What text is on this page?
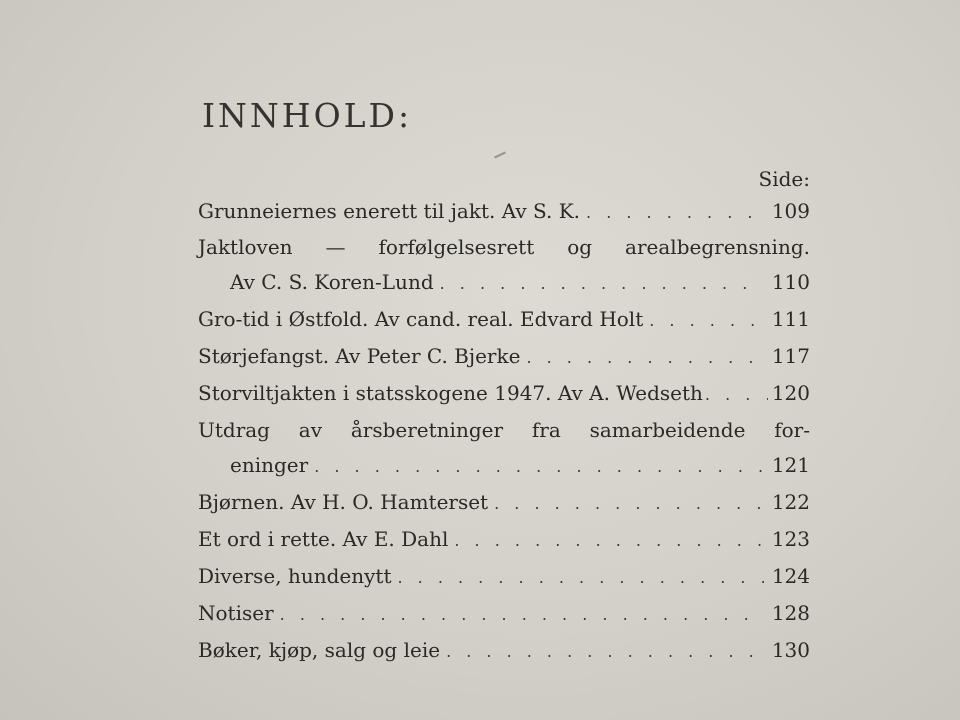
INNHOLD:
Side:
Grunneiernes enerett til jakt. Av S. K. . . .	109
Jaktloven — forfølgelsesrett og arealbegrensning.
Av C. S. Koren-Lund . . .	110
Gro-tid i Østfold. Av cand. real. Edvard Holt . . .	111
Størjefangst. Av Peter C. Bjerke . . .	117
Storviltjakten i statsskogene 1947. Av A. Wedseth . . .	120
Utdrag av årsberetninger fra samarbeidende for-
eninger . . .	121
Bjørnen. Av H. O. Hamterset . . .	122
Et ord i rette. Av E. Dahl . . .	123
Diverse, hundenytt . . .	124
Notiser . . .	128
Bøker, kjøp, salg og leie . . .	130
